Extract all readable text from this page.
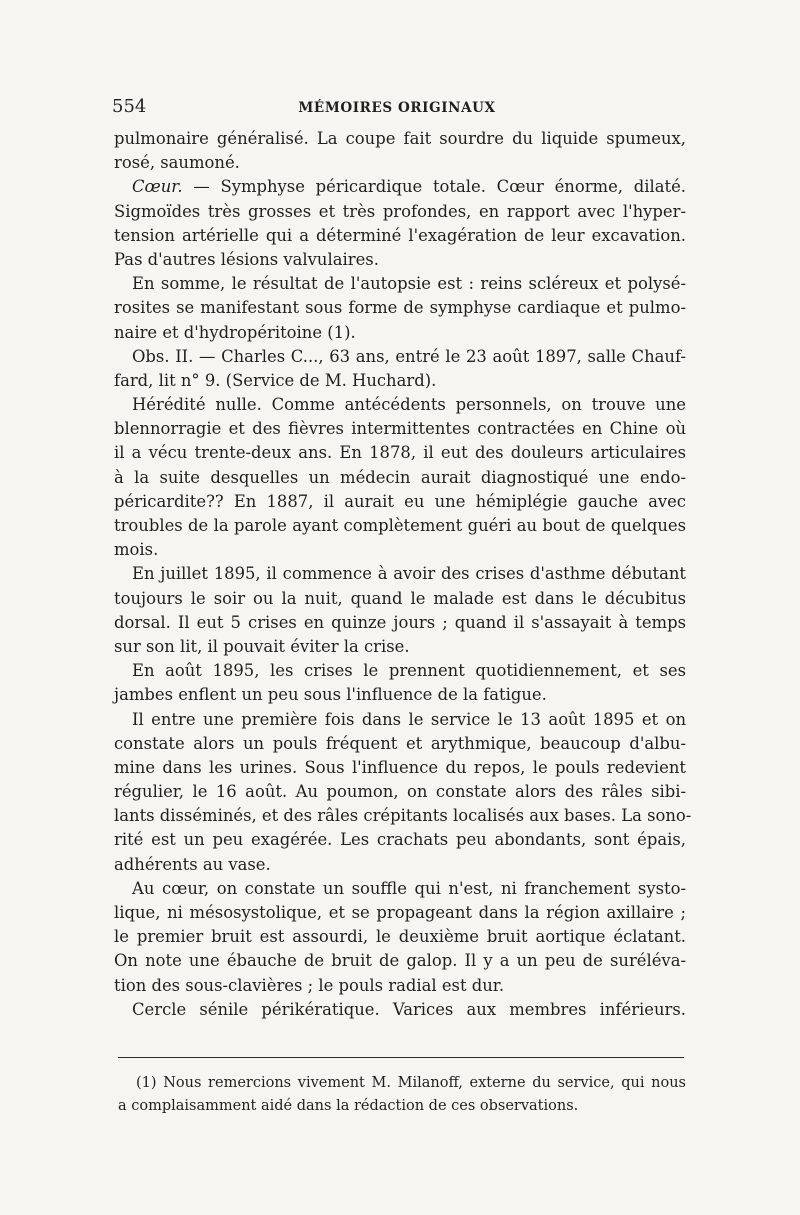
554	MÉMOIRES ORIGINAUX
pulmonaire généralisé. La coupe fait sourdre du liquide spumeux,
rosé, saumoné.
Cœur. — Symphyse péricardique totale. Cœur énorme, dilaté.
Sigmoïdes très grosses et très profondes, en rapport avec l'hyper-
tension artérielle qui a déterminé l'exagération de leur excavation.
Pas d'autres lésions valvulaires.
En somme, le résultat de l'autopsie est : reins scléreux et polysé-
rosites se manifestant sous forme de symphyse cardiaque et pulmo-
naire et d'hydropéritoine (1).
Obs. II. — Charles C..., 63 ans, entré le 23 août 1897, salle Chauf-
fard, lit n° 9. (Service de M. Huchard).
Hérédité nulle. Comme antécédents personnels, on trouve une
blennorragie et des fièvres intermittentes contractées en Chine où
il a vécu trente-deux ans. En 1878, il eut des douleurs articulaires
à la suite desquelles un médecin aurait diagnostiqué une endo-
péricardite?? En 1887, il aurait eu une hémiplégie gauche avec
troubles de la parole ayant complètement guéri au bout de quelques
mois.
En juillet 1895, il commence à avoir des crises d'asthme débutant
toujours le soir ou la nuit, quand le malade est dans le décubitus
dorsal. Il eut 5 crises en quinze jours ; quand il s'assayait à temps
sur son lit, il pouvait éviter la crise.
En août 1895, les crises le prennent quotidiennement, et ses
jambes enflent un peu sous l'influence de la fatigue.
Il entre une première fois dans le service le 13 août 1895 et on
constate alors un pouls fréquent et arythmique, beaucoup d'albu-
mine dans les urines. Sous l'influence du repos, le pouls redevient
régulier, le 16 août. Au poumon, on constate alors des râles sibi-
lants disséminés, et des râles crépitants localisés aux bases. La sono-
rité est un peu exagérée. Les crachats peu abondants, sont épais,
adhérents au vase.
Au cœur, on constate un souffle qui n'est, ni franchement systo-
lique, ni mésosystolique, et se propageant dans la région axillaire ;
le premier bruit est assourdi, le deuxième bruit aortique éclatant.
On note une ébauche de bruit de galop. Il y a un peu de suréléva-
tion des sous-clavières ; le pouls radial est dur.
Cercle sénile périkératique. Varices aux membres inférieurs.
(1) Nous remercions vivement M. Milanoff, externe du service, qui nous
a complaisamment aidé dans la rédaction de ces observations.
